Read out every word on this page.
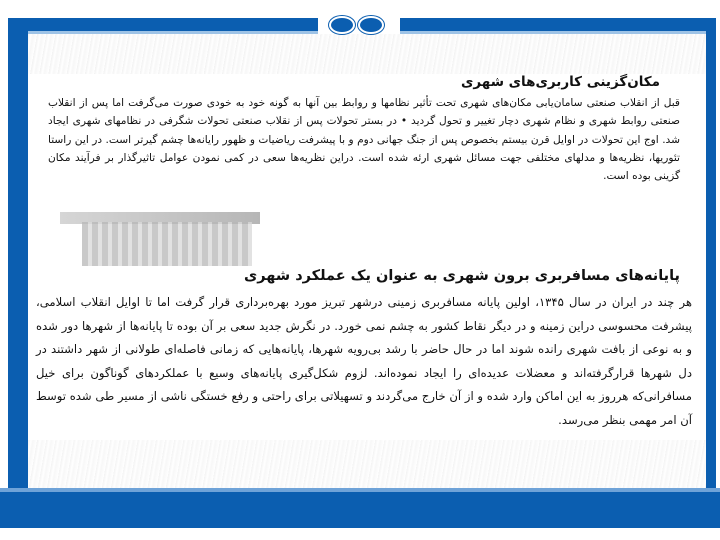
مکان‌گزینی کاربری‌های شهری
قبل از انقلاب صنعتی سامان‌یابی مکان‌های شهری تحت تأثیر نظامها و روابط بین آنها به گونه خود به خودی صورت می‌گرفت اما پس از انقلاب صنعتی روابط شهری و نظام شهری دچار تغییر و تحول گردید • در بستر تحولات پس از نقلاب صنعتی تحولات شگرفی در نظامهای شهری ایجاد شد. اوج این تحولات در اوایل قرن بیستم بخصوص پس از جنگ جهانی دوم و با پیشرفت ریاضیات و ظهور رایانه‌ها چشم گیرتر است. در این راستا تئوریها، نظریه‌ها و مدلهای مختلفی جهت مسائل شهری ارئه شده است. دراین نظریه‌ها سعی در کمی نمودن عوامل تاثیرگذار بر فرآیند مکان گزینی بوده است.
پایانه‌های مسافربری برون شهری به عنوان یک عملکرد شهری
هر چند در ایران در سال ۱۳۴۵، اولین پایانه مسافربری زمینی درشهر تبریز مورد بهره‌برداری قرار گرفت اما تا اوایل انقلاب اسلامی، پیشرفت محسوسی دراین زمینه و در دیگر نقاط کشور به چشم نمی خورد. در نگرش جدید سعی بر آن بوده تا پایانه‌ها از شهرها دور شده و به نوعی از بافت شهری رانده شوند اما در حال حاضر با رشد بی‌رویه شهرها، پایانه‌هایی که زمانی فاصله‌ای طولانی از شهر داشتند در دل شهرها قرارگرفته‌اند و معضلات عدیده‌ای را ایجاد نموده‌اند. لزوم شکل‌گیری پایانه‌های وسیع با عملکردهای گوناگون برای خیل مسافرانی‌که هرروز به این اماکن وارد شده و از آن خارج می‌گردند و تسهیلاتی برای راحتی و رفع خستگی ناشی از مسیر طی شده توسط آن امر مهمی بنظر می‌رسد.
